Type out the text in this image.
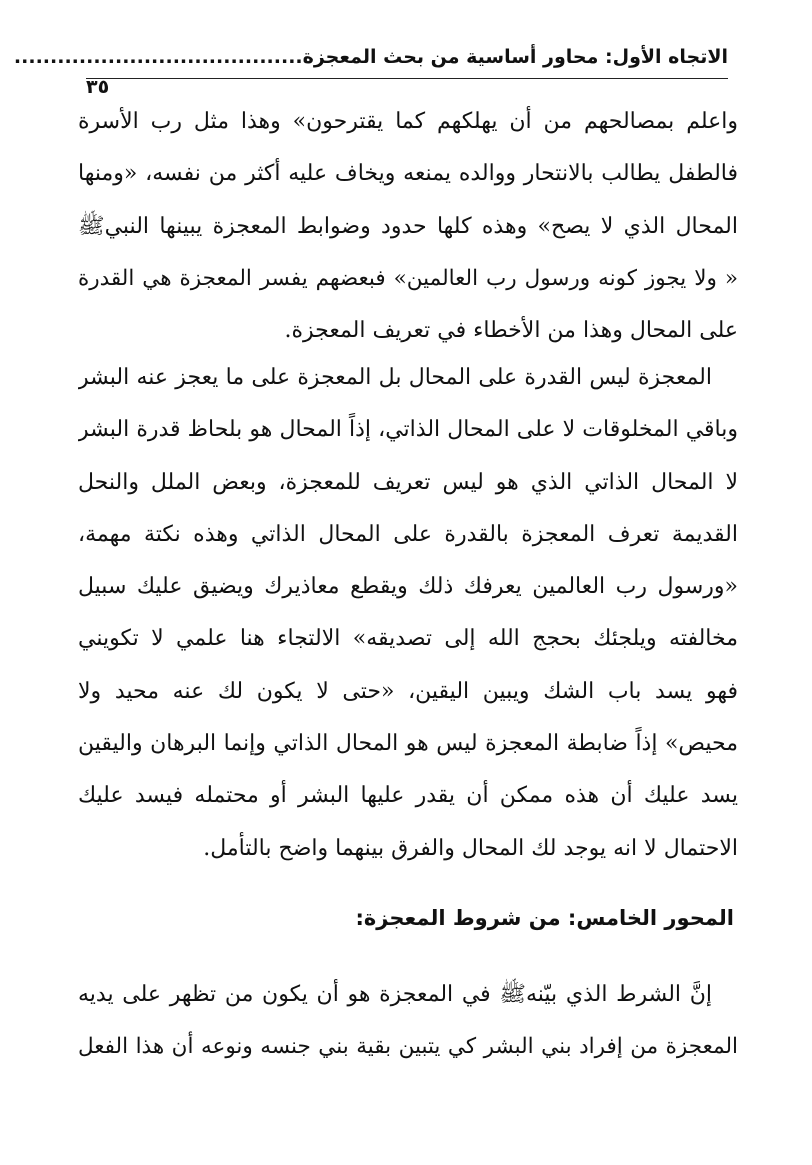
الاتجاه الأول: محاور أساسية من بحث المعجزة........................................
٣٥
واعلم بمصالحهم من أن يهلكهم كما يقترحون» وهذا مثل رب الأسرة
فالطفل يطالب بالانتحار ووالده يمنعه ويخاف عليه أكثر من نفسه، «ومنها
المحال الذي لا يصح» وهذه كلها حدود وضوابط المعجزة يبينها النبيﷺ
« ولا يجوز كونه ورسول رب العالمين» فبعضهم يفسر المعجزة هي القدرة
على المحال وهذا من الأخطاء في تعريف المعجزة.
المعجزة ليس القدرة على المحال بل المعجزة على ما يعجز عنه البشر
وباقي المخلوقات لا على المحال الذاتي، إذاً المحال هو بلحاظ قدرة البشر
لا المحال الذاتي الذي هو ليس تعريف للمعجزة، وبعض الملل والنحل
القديمة تعرف المعجزة بالقدرة على المحال الذاتي وهذه نكتة مهمة،
«ورسول رب العالمين يعرفك ذلك ويقطع معاذيرك ويضيق عليك سبيل
مخالفته ويلجئك بحجج الله إلى تصديقه» الالتجاء هنا علمي لا تكويني
فهو يسد باب الشك ويبين اليقين، «حتى لا يكون لك عنه محيد ولا
محيص» إذاً ضابطة المعجزة ليس هو المحال الذاتي وإنما البرهان واليقين
يسد عليك أن هذه ممكن أن يقدر عليها البشر أو محتمله فيسد عليك
الاحتمال لا انه يوجد لك المحال والفرق بينهما واضح بالتأمل.
المحور الخامس: من شروط المعجزة:
إنَّ الشرط الذي بيّنهﷺ في المعجزة هو أن يكون من تظهر على يديه
المعجزة من إفراد بني البشر كي يتبين بقية بني جنسه ونوعه أن هذا الفعل
